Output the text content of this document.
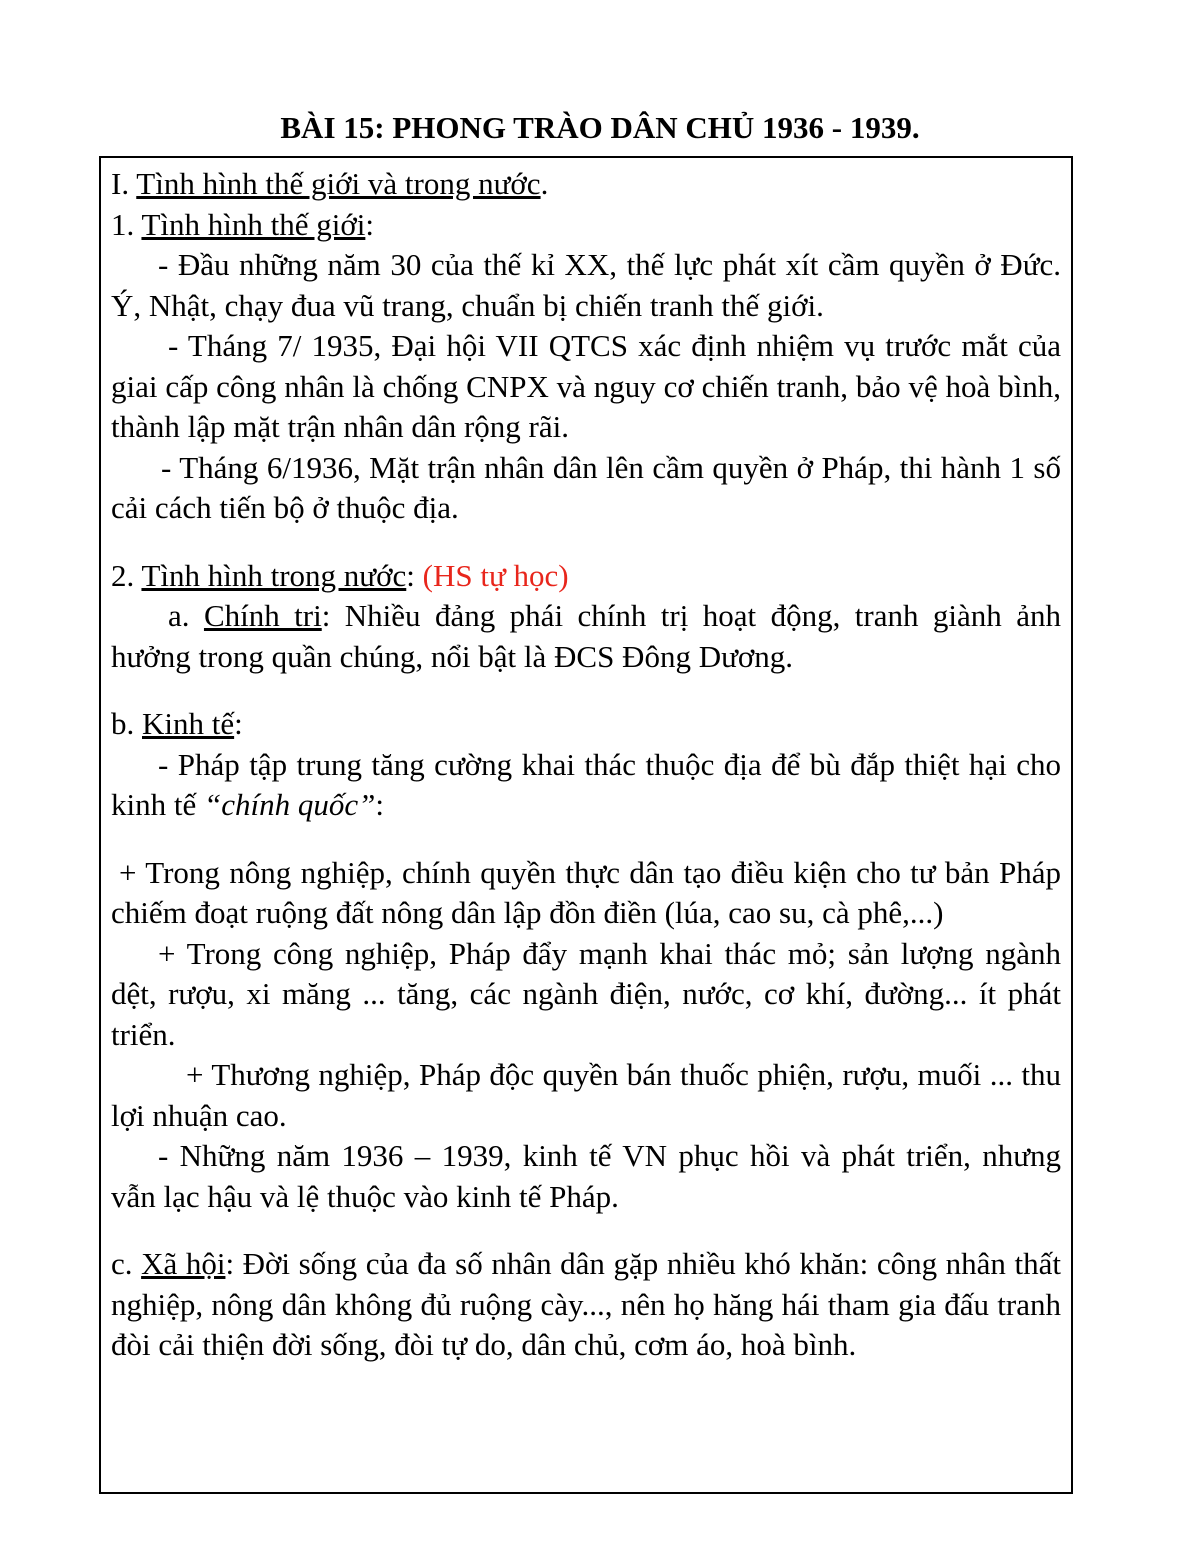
BÀI 15: PHONG TRÀO DÂN CHỦ 1936 - 1939.

I. Tình hình thế giới và trong nước.

1. Tình hình thế giới:

- Đầu những năm 30 của thế kỉ XX, thế lực phát xít cầm quyền ở Đức. Ý, Nhật, chạy đua vũ trang, chuẩn bị chiến tranh thế giới.

- Tháng 7/ 1935, Đại hội VII QTCS xác định nhiệm vụ trước mắt của giai cấp công nhân là chống CNPX và nguy cơ chiến tranh, bảo vệ hoà bình, thành lập mặt trận nhân dân rộng rãi.

- Tháng 6/1936, Mặt trận nhân dân lên cầm quyền ở Pháp, thi hành 1 số cải cách tiến bộ ở thuộc địa.

2. Tình hình trong nước: (HS tự học)

a. Chính tri: Nhiều đảng phái chính trị hoạt động, tranh giành ảnh hưởng trong quần chúng, nổi bật là ĐCS Đông Dương.

b. Kinh tế:

- Pháp tập trung tăng cường khai thác thuộc địa để bù đắp thiệt hại cho kinh tế “chính quốc”:

+ Trong nông nghiệp, chính quyền thực dân tạo điều kiện cho tư bản Pháp chiếm đoạt ruộng đất nông dân lập đồn điền (lúa, cao su, cà phê,...)

+ Trong công nghiệp, Pháp đẩy mạnh khai thác mỏ; sản lượng ngành dệt, rượu, xi măng ... tăng, các ngành điện, nước, cơ khí, đường... ít phát triển.

+ Thương nghiệp, Pháp độc quyền bán thuốc phiện, rượu, muối ... thu lợi nhuận cao.

- Những năm 1936 – 1939, kinh tế VN phục hồi và phát triển, nhưng vẫn lạc hậu và lệ thuộc vào kinh tế Pháp.

c. Xã hội: Đời sống của đa số nhân dân gặp nhiều khó khăn: công nhân thất nghiệp, nông dân không đủ ruộng cày..., nên họ hăng hái tham gia đấu tranh đòi cải thiện đời sống, đòi tự do, dân chủ, cơm áo, hoà bình.
